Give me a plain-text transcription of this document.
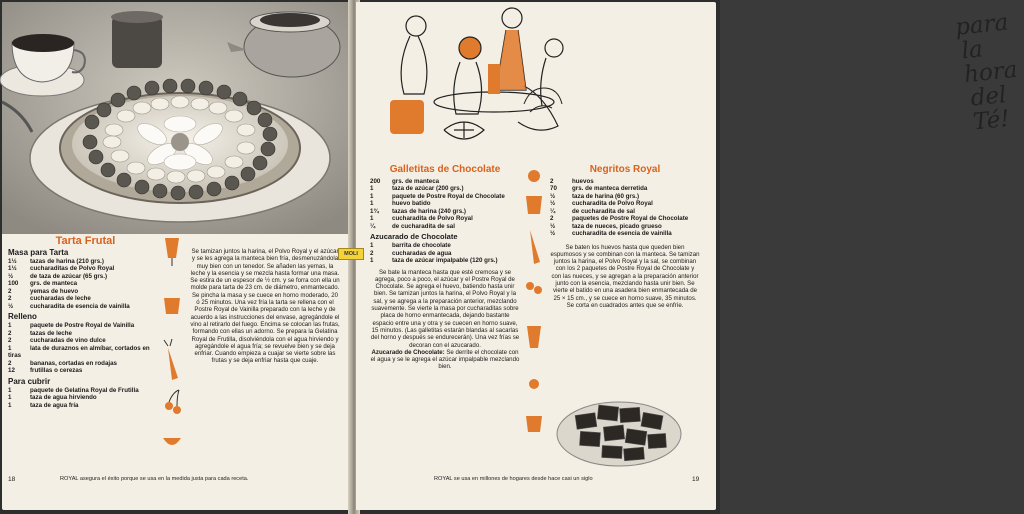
Tarta Frutal
Masa para Tarta
1½ tazas de harina (210 grs.)
1½ cucharaditas de Polvo Royal
½	de taza de azúcar (65 grs.)
100 grs. de manteca
2	yemas de huevo
2	cucharadas de leche
½	cucharadita de esencia de vainilla
Relleno
1	paquete de Postre Royal de Vainilla
2	tazas de leche
2	cucharadas de vino dulce
1	lata de duraznos en almíbar, cortados en tiras
2	bananas, cortadas en rodajas
12 frutillas o cerezas
Para cubrir
1	paquete de Gelatina Royal de Frutilla
1	taza de agua hirviendo
1	taza de agua fría
Se tamizan juntos la harina, el Polvo Royal y el azúcar y se les agrega la manteca bien fría, desmenuzándola muy bien con un tenedor. Se añaden las yemas, la leche y la esencia y se mezcla hasta formar una masa. Se estira de un espesor de ½ cm. y se forra con ella un molde para tarta de 23 cm. de diámetro, enmantecado. Se pincha la masa y se cuece en horno moderado, 20 ó 25 minutos. Una vez fría la tarta se rellena con el Postre Royal de Vainilla preparado con la leche y de acuerdo a las instrucciones del envase, agregándole el vino al retirarlo del fuego. Encima se colocan las frutas, formando con ellas un adorno. Se prepara la Gelatina Royal de Frutilla, disolviéndola con el agua hirviendo y agregándole el agua fría; se revuelve bien y se deja enfriar. Cuando empieza a cuajar se vierte sobre las frutas y se deja enfriar hasta que cuaje.
ROYAL asegura el éxito porque se usa en la medida justa para cada receta.
18
para
la hora
del Té!
Galletitas de Chocolate
200 grs. de manteca
1	taza de azúcar (200 grs.)
1	paquete de Postre Royal de Chocolate
1	huevo batido
1¾ tazas de harina (240 grs.)
1	cucharadita de Polvo Royal
¼	de cucharadita de sal
Azucarado de Chocolate
1	barrita de chocolate
2	cucharadas de agua
1	taza de azúcar impalpable (120 grs.)
Se bate la manteca hasta que esté cremosa y se agrega, poco a poco, el azúcar y el Postre Royal de Chocolate. Se agrega el huevo, batiendo hasta unir bien. Se tamizan juntos la harina, el Polvo Royal y la sal, y se agrega a la preparación anterior, mezclando suavemente. Se vierte la masa por cucharaditas sobre placa de horno enmantecada, dejando bastante espacio entre una y otra y se cuecen en horno suave, 15 minutos. (Las galletitas estarán blandas al sacarlas del horno y después se endurecerán). Una vez frías se decoran con el azucarado.
Azucarado de Chocolate: Se derrite el chocolate con el agua y se le agrega el azúcar impalpable mezclando bien.
Negritos Royal
2	huevos
70 grs. de manteca derretida
½	taza de harina (60 grs.)
½	cucharadita de Polvo Royal
¼	de cucharadita de sal
2	paquetes de Postre Royal de Chocolate
½	taza de nueces, picado grueso
½	cucharadita de esencia de vainilla
Se baten los huevos hasta que queden bien espumosos y se combinan con la manteca. Se tamizan juntos la harina, el Polvo Royal y la sal, se combinan con los 2 paquetes de Postre Royal de Chocolate y con las nueces, y se agregan a la preparación anterior junto con la esencia, mezclando hasta unir bien. Se vierte el batido en una asadera bien enmantecada de 25 × 15 cm., y se cuece en horno suave, 35 minutos. Se corta en cuadrados antes que se enfríe.
ROYAL se usa en millones de hogares desde hace casi un siglo	19
MOLI
